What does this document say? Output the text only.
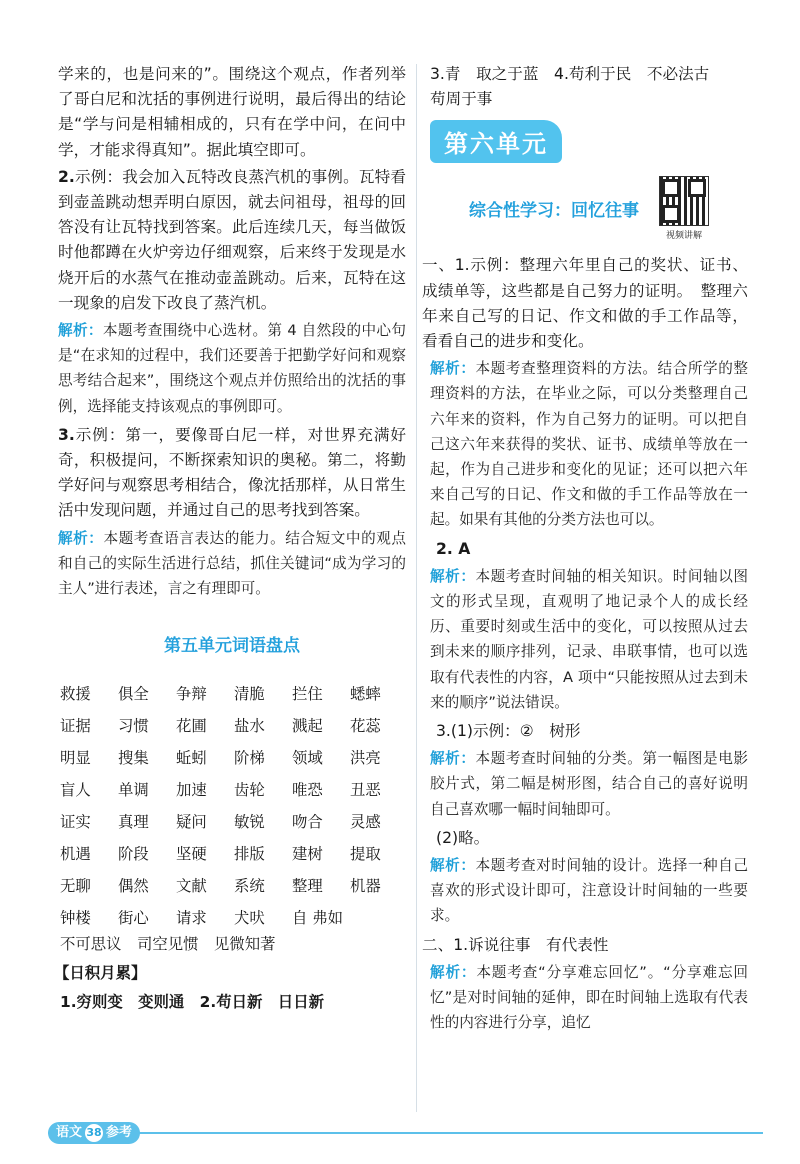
学来的，也是问来的”。围绕这个观点，作者列举了哥白尼和沈括的事例进行说明，最后得出的结论是“学与问是相辅相成的，只有在学中问，在问中学，才能求得真知”。据此填空即可。

2.示例：我会加入瓦特改良蒸汽机的事例。瓦特看到壶盖跳动想弄明白原因，就去问祖母，祖母的回答没有让瓦特找到答案。此后连续几天，每当做饭时他都蹲在火炉旁边仔细观察，后来终于发现是水烧开后的水蒸气在推动壶盖跳动。后来，瓦特在这一现象的启发下改良了蒸汽机。

解析：本题考查围绕中心选材。第 4 自然段的中心句是“在求知的过程中，我们还要善于把勤学好问和观察思考结合起来”，围绕这个观点并仿照给出的沈括的事例，选择能支持该观点的事例即可。

3.示例：第一，要像哥白尼一样，对世界充满好奇，积极提问，不断探索知识的奥秘。第二，将勤学好问与观察思考相结合，像沈括那样，从日常生活中发现问题，并通过自己的思考找到答案。

解析：本题考查语言表达的能力。结合短文中的观点和自己的实际生活进行总结，抓住关键词“成为学习的主人”进行表述，言之有理即可。

第五单元词语盘点
救援	俱全	争辩	清脆	拦住	蟋蟀
证据	习惯	花圃	盐水	溅起	花蕊
明显	搜集	蚯蚓	阶梯	领域	洪亮
盲人	单调	加速	齿轮	唯恐	丑恶
证实	真理	疑问	敏锐	吻合	灵感
机遇	阶段	坚硬	排版	建树	提取
无聊	偶然	文献	系统	整理	机器
钟楼	街心	请求	犬吠	自 弗如
不可思议　司空见惯　见微知著
【日积月累】
1.穷则变　变则通　2.苟日新　日日新

3.青　取之于蓝　4.苟利于民　不必法古

苟周于事

第六单元
综合性学习：回忆往事
视频讲解

一、1.示例：整理六年里自己的奖状、证书、成绩单等，这些都是自己努力的证明。　整理六年来自己写的日记、作文和做的手工作品等，看看自己的进步和变化。

解析：本题考查整理资料的方法。结合所学的整理资料的方法，在毕业之际，可以分类整理自己六年来的资料，作为自己努力的证明。可以把自己这六年来获得的奖状、证书、成绩单等放在一起，作为自己进步和变化的见证；还可以把六年来自己写的日记、作文和做的手工作品等放在一起。如果有其他的分类方法也可以。

2. A

解析：本题考查时间轴的相关知识。时间轴以图文的形式呈现，直观明了地记录个人的成长经历、重要时刻或生活中的变化，可以按照从过去到未来的顺序排列，记录、串联事情，也可以选取有代表性的内容，A 项中“只能按照从过去到未来的顺序”说法错误。

3.(1)示例：②　树形

解析：本题考查时间轴的分类。第一幅图是电影胶片式，第二幅是树形图，结合自己的喜好说明自己喜欢哪一幅时间轴即可。

(2)略。

解析：本题考查对时间轴的设计。选择一种自己喜欢的形式设计即可，注意设计时间轴的一些要求。

二、1.诉说往事　有代表性

解析：本题考查“分享难忘回忆”。“分享难忘回忆”是对时间轴的延伸，即在时间轴上选取有代表性的内容进行分享，追忆

语文 38 参考
